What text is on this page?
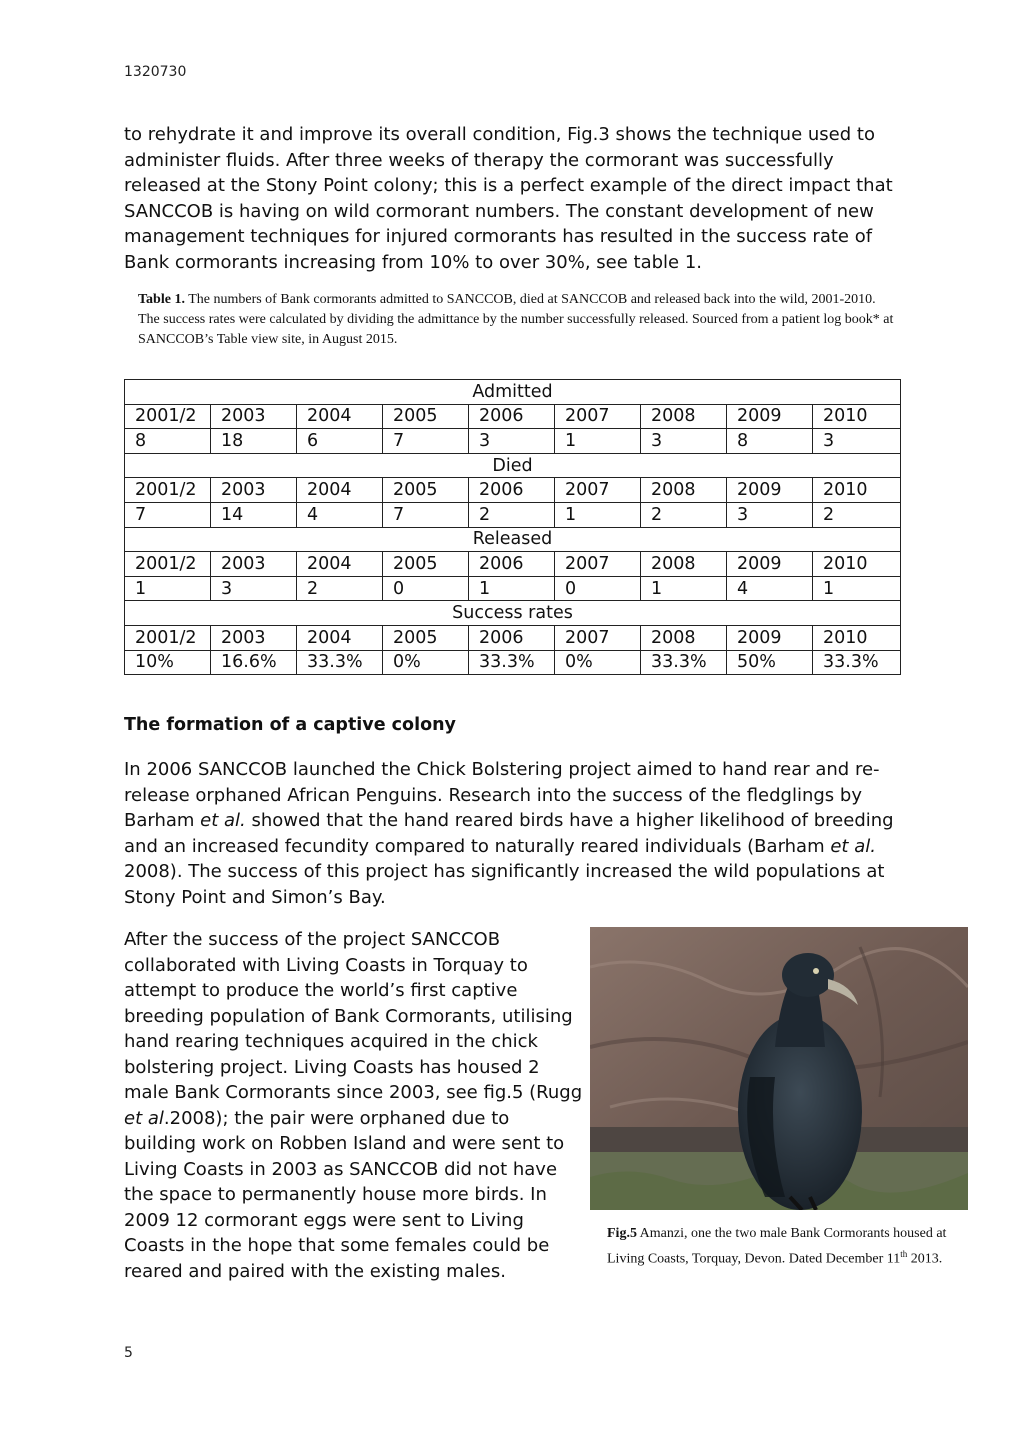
1320730
to rehydrate it and improve its overall condition, Fig.3 shows the technique used to administer fluids. After three weeks of therapy the cormorant was successfully released at the Stony Point colony; this is a perfect example of the direct impact that SANCCOB is having on wild cormorant numbers. The constant development of new management techniques for injured cormorants has resulted in the success rate of Bank cormorants increasing from 10% to over 30%, see table 1.
Table 1. The numbers of Bank cormorants admitted to SANCCOB, died at SANCCOB and released back into the wild, 2001-2010. The success rates were calculated by dividing the admittance by the number successfully released. Sourced from a patient log book* at SANCCOB’s Table view site, in August 2015.
Admitted								
2001/2	2003	2004	2005	2006	2007	2008	2009	2010
8	18	6	7	3	1	3	8	3
Died								
2001/2	2003	2004	2005	2006	2007	2008	2009	2010
7	14	4	7	2	1	2	3	2
Released								
2001/2	2003	2004	2005	2006	2007	2008	2009	2010
1	3	2	0	1	0	1	4	1
Success rates								
2001/2	2003	2004	2005	2006	2007	2008	2009	2010
10%	16.6%	33.3%	0%	33.3%	0%	33.3%	50%	33.3%
The formation of a captive colony
In 2006 SANCCOB launched the Chick Bolstering project aimed to hand rear and re-release orphaned African Penguins. Research into the success of the fledglings by Barham et al. showed that the hand reared birds have a higher likelihood of breeding and an increased fecundity compared to naturally reared individuals (Barham et al. 2008). The success of this project has significantly increased the wild populations at Stony Point and Simon’s Bay.
After the success of the project SANCCOB collaborated with Living Coasts in Torquay to attempt to produce the world’s first captive breeding population of Bank Cormorants, utilising hand rearing techniques acquired in the chick bolstering project. Living Coasts has housed 2 male Bank Cormorants since 2003, see fig.5 (Rugg et al.2008); the pair were orphaned due to building work on Robben Island and were sent to Living Coasts in 2003 as SANCCOB did not have the space to permanently house more birds. In 2009 12 cormorant eggs were sent to Living Coasts in the hope that some females could be reared and paired with the existing males.
Fig.5 Amanzi, one the two male Bank Cormorants housed at Living Coasts, Torquay, Devon. Dated December 11th 2013.
5
